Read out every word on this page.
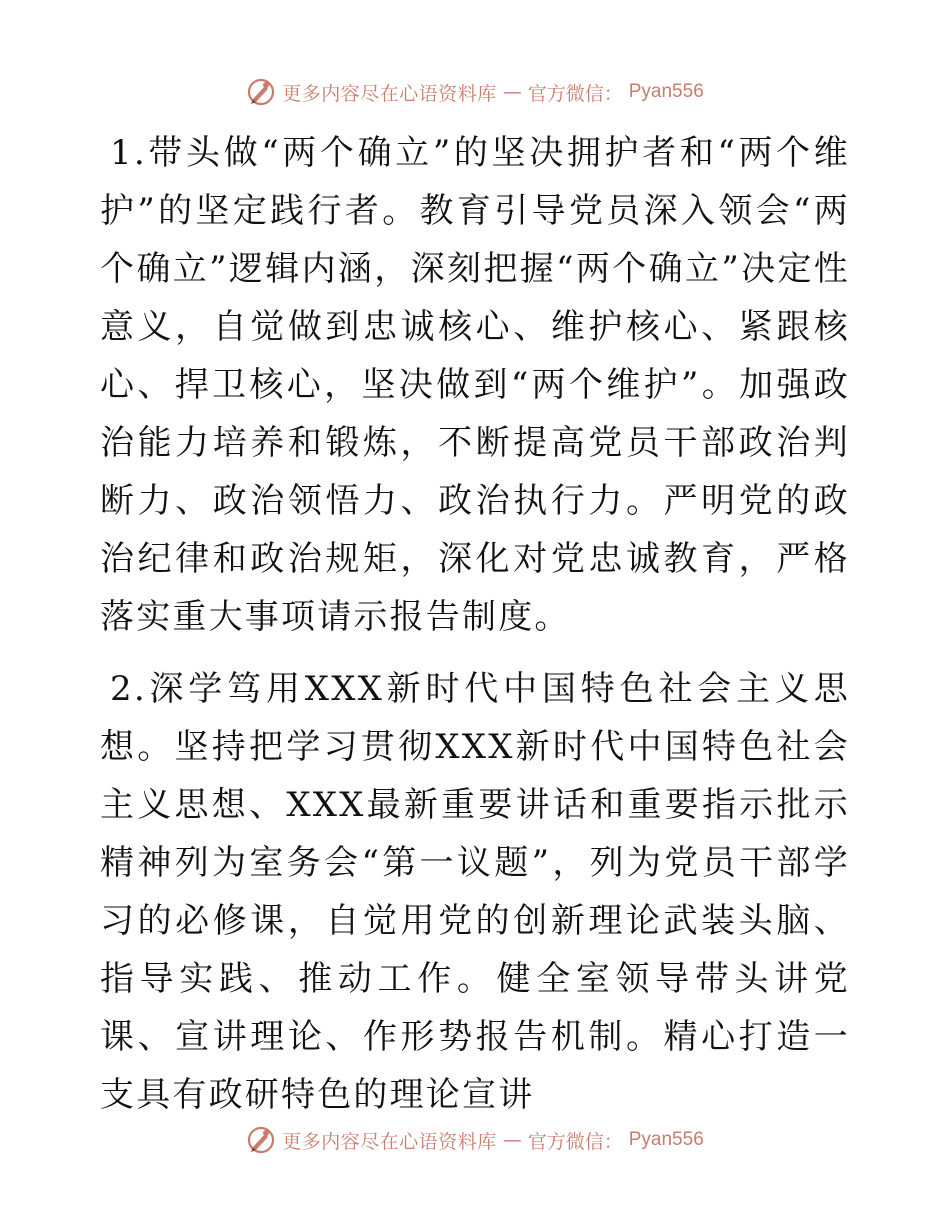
更多内容尽在心语资料库 — 官方微信： Pyan556

1.带头做“两个确立”的坚决拥护者和“两个维护”的坚定践行者。教育引导党员深入领会“两个确立”逻辑内涵，深刻把握“两个确立”决定性意义，自觉做到忠诚核心、维护核心、紧跟核心、捍卫核心，坚决做到“两个维护”。加强政治能力培养和锻炼，不断提高党员干部政治判断力、政治领悟力、政治执行力。严明党的政治纪律和政治规矩，深化对党忠诚教育，严格落实重大事项请示报告制度。

2.深学笃用XXX新时代中国特色社会主义思想。坚持把学习贯彻XXX新时代中国特色社会主义思想、XXX最新重要讲话和重要指示批示精神列为室务会“第一议题”，列为党员干部学习的必修课，自觉用党的创新理论武装头脑、指导实践、推动工作。健全室领导带头讲党课、宣讲理论、作形势报告机制。精心打造一支具有政研特色的理论宣讲

更多内容尽在心语资料库 — 官方微信： Pyan556
